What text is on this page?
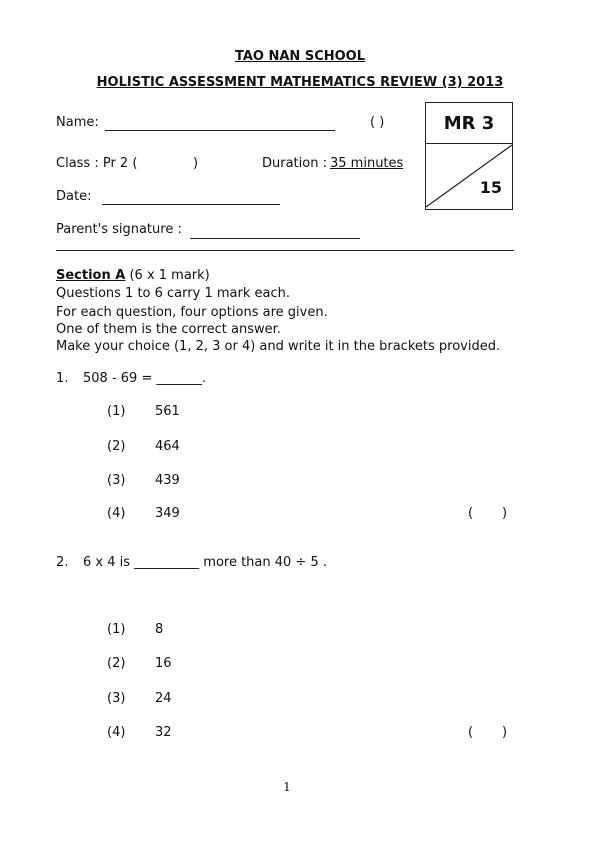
TAO NAN SCHOOL
HOLISTIC ASSESSMENT MATHEMATICS REVIEW (3) 2013
Name:	( )
Class : Pr 2 (	)	Duration : 35 minutes
Date:
Parent's signature :
MR 3
15
Section A (6 x 1 mark)
Questions 1 to 6 carry 1 mark each.
For each question, four options are given.
One of them is the correct answer.
Make your choice (1, 2, 3 or 4) and write it in the brackets provided.
1. 508 - 69 = _______.
(1) 561
(2) 464
(3) 439
(4) 349	(       )
2. 6 x 4 is __________ more than 40 ÷ 5 .
(1) 8
(2) 16
(3) 24
(4) 32	(       )
1
